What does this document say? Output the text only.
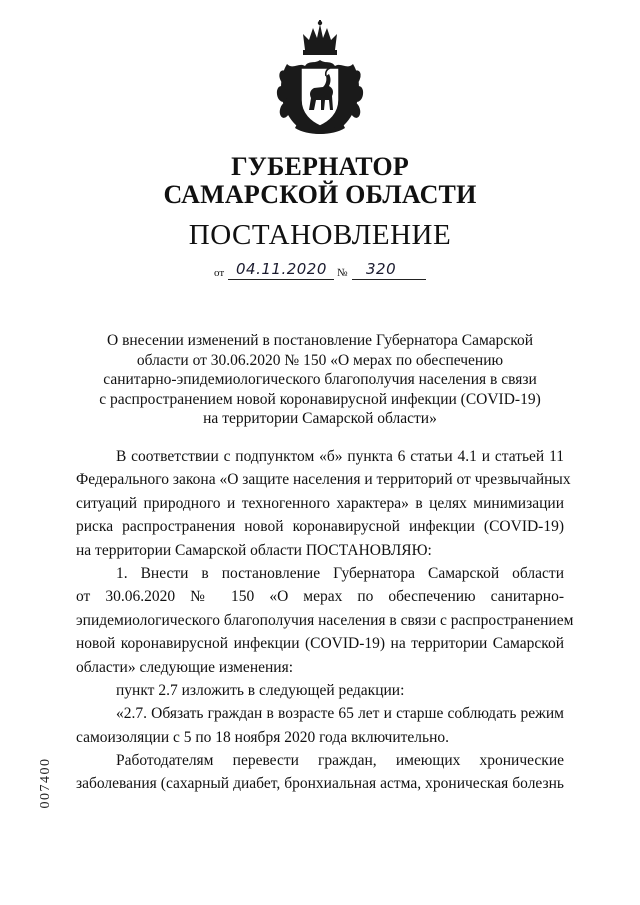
ГУБЕРНАТОР
САМАРСКОЙ ОБЛАСТИ
ПОСТАНОВЛЕНИЕ
от 04.11.2020 № 320
О внесении изменений в постановление Губернатора Самарской
области от 30.06.2020 № 150 «О мерах по обеспечению
санитарно-эпидемиологического благополучия населения в связи
с распространением новой коронавирусной инфекции (COVID-19)
на территории Самарской области»
В соответствии с подпунктом «б» пункта 6 статьи 4.1 и статьей 11
Федерального закона «О защите населения и территорий от чрезвычайных
ситуаций природного и техногенного характера» в целях минимизации
риска распространения новой коронавирусной инфекции (COVID-19)
на территории Самарской области ПОСТАНОВЛЯЮ:
1. Внести в постановление Губернатора Самарской области
от 30.06.2020 № 150 «О мерах по обеспечению санитарно-
эпидемиологического благополучия населения в связи с распространением
новой коронавирусной инфекции (COVID-19) на территории Самарской
области» следующие изменения:
пункт 2.7 изложить в следующей редакции:
«2.7. Обязать граждан в возрасте 65 лет и старше соблюдать режим
самоизоляции с 5 по 18 ноября 2020 года включительно.
Работодателям перевести граждан, имеющих хронические
заболевания (сахарный диабет, бронхиальная астма, хроническая болезнь
007400
